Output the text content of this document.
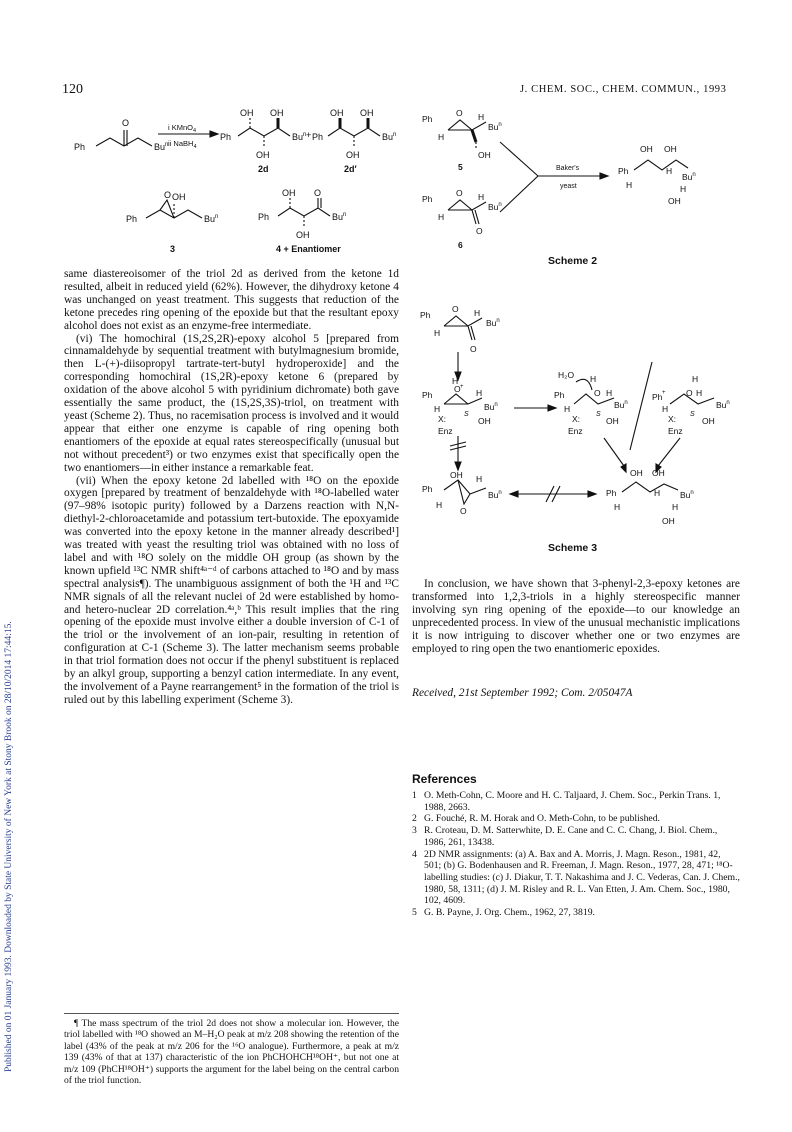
120	J. CHEM. SOC., CHEM. COMMUN., 1993
Published on 01 January 1993. Downloaded by State University of New York at Stony Brook on 28/10/2014 17:44:15.
Ph
O
Bu$^n$
i KMnO$_4$
ii NaBH$_4$
Ph
OH OH
OH
Bu$^n$
2d
+ Ph
OH OH
OH
Bu$^n$
2d′
Ph
O OH
Bu$^n$
3
Ph
OH O
OH
Bu$^n$
4 + Enantiomer
Ph
O H
Bu$^n$
H
OH
5	Baker's
yeast
OH OH
Ph	H
Bu$^n$
H	H
OH
Ph
O H
Bu$^n$
H
O
6
Scheme 2
Ph
O H
Bu$^n$
H
O
H
+
Ph
O H
Bu$^n$
H
S
X:	OH
Enz
H₂O H
Ph	O H
Bu$^n$
H
S
X:	OH
Enz
H
Ph + O H
Bu$^n$
H
S
X:	OH
Enz
OH
Ph
H
Bu$^n$
H
O
OH OH
Ph	H Bu$^n$
H	H
OH
Scheme 3

same diastereoisomer of the triol 2d as derived from the ketone 1d resulted, albeit in reduced yield (62%). However, the dihydroxy ketone 4 was unchanged on yeast treatment. This suggests that reduction of the ketone precedes ring opening of the epoxide but that the resultant epoxy alcohol does not exist as an enzyme-free intermediate.

(vi) The homochiral (1S,2S,2R)-epoxy alcohol 5 [prepared from cinnamaldehyde by sequential treatment with butylmagnesium bromide, then L-(+)-diisopropyl tartrate-tert-butyl hydroperoxide] and the corresponding homochiral (1S,2R)-epoxy ketone 6 (prepared by oxidation of the above alcohol 5 with pyridinium dichromate) both gave essentially the same product, the (1S,2S,3S)-triol, on treatment with yeast (Scheme 2). Thus, no racemisation process is involved and it would appear that either one enzyme is capable of ring opening both enantiomers of the epoxide at equal rates stereospecifically (unusual but not without precedent³) or two enzymes exist that specifically open the two enantiomers—in either instance a remarkable feat.

(vii) When the epoxy ketone 2d labelled with ¹⁸O on the epoxide oxygen [prepared by treatment of benzaldehyde with ¹⁸O-labelled water (97–98% isotopic purity) followed by a Darzens reaction with N,N-diethyl-2-chloroacetamide and potassium tert-butoxide. The epoxyamide was converted into the epoxy ketone in the manner already described¹] was treated with yeast the resulting triol was obtained with no loss of label and with ¹⁸O solely on the middle OH group (as shown by the known upfield ¹³C NMR shift⁴ᵃ⁻ᵈ of carbons attached to ¹⁸O and by mass spectral analysis¶). The unambiguous assignment of both the ¹H and ¹³C NMR signals of all the relevant nuclei of 2d were established by homo- and hetero-nuclear 2D correlation.⁴ᵃ,ᵇ This result implies that the ring opening of the epoxide must involve either a double inversion of C-1 of the triol or the involvement of an ion-pair, resulting in retention of configuration at C-1 (Scheme 3). The latter mechanism seems probable in that triol formation does not occur if the phenyl substituent is replaced by an alkyl group, supporting a benzyl cation intermediate. In any event, the involvement of a Payne rearrangement⁵ in the formation of the triol is ruled out by this labelling experiment (Scheme 3).

¶ The mass spectrum of the triol 2d does not show a molecular ion. However, the triol labelled with ¹⁸O showed an M–H₂O peak at m/z 208 showing the retention of the label (43% of the peak at m/z 206 for the ¹⁶O analogue). Furthermore, a peak at m/z 139 (43% of that at 137) characteristic of the ion PhCHOHCH¹⁸OH⁺, but not one at m/z 109 (PhCH¹⁸OH⁺) supports the argument for the label being on the central carbon of the triol function.

In conclusion, we have shown that 3-phenyl-2,3-epoxy ketones are transformed into 1,2,3-triols in a highly stereospecific manner involving syn ring opening of the epoxide—to our knowledge an unprecedented process. In view of the unusual mechanistic implications it is now intriguing to discover whether one or two enzymes are employed to ring open the two enantiomeric epoxides.

Received, 21st September 1992; Com. 2/05047A
References
1 O. Meth-Cohn, C. Moore and H. C. Taljaard, J. Chem. Soc., Perkin Trans. 1, 1988, 2663.
2 G. Fouché, R. M. Horak and O. Meth-Cohn, to be published.
3 R. Croteau, D. M. Satterwhite, D. E. Cane and C. C. Chang, J. Biol. Chem., 1986, 261, 13438.
4 2D NMR assignments: (a) A. Bax and A. Morris, J. Magn. Reson., 1981, 42, 501; (b) G. Bodenhausen and R. Freeman, J. Magn. Reson., 1977, 28, 471; ¹⁸O-labelling studies: (c) J. Diakur, T. T. Nakashima and J. C. Vederas, Can. J. Chem., 1980, 58, 1311; (d) J. M. Risley and R. L. Van Etten, J. Am. Chem. Soc., 1980, 102, 4609.
5 G. B. Payne, J. Org. Chem., 1962, 27, 3819.
